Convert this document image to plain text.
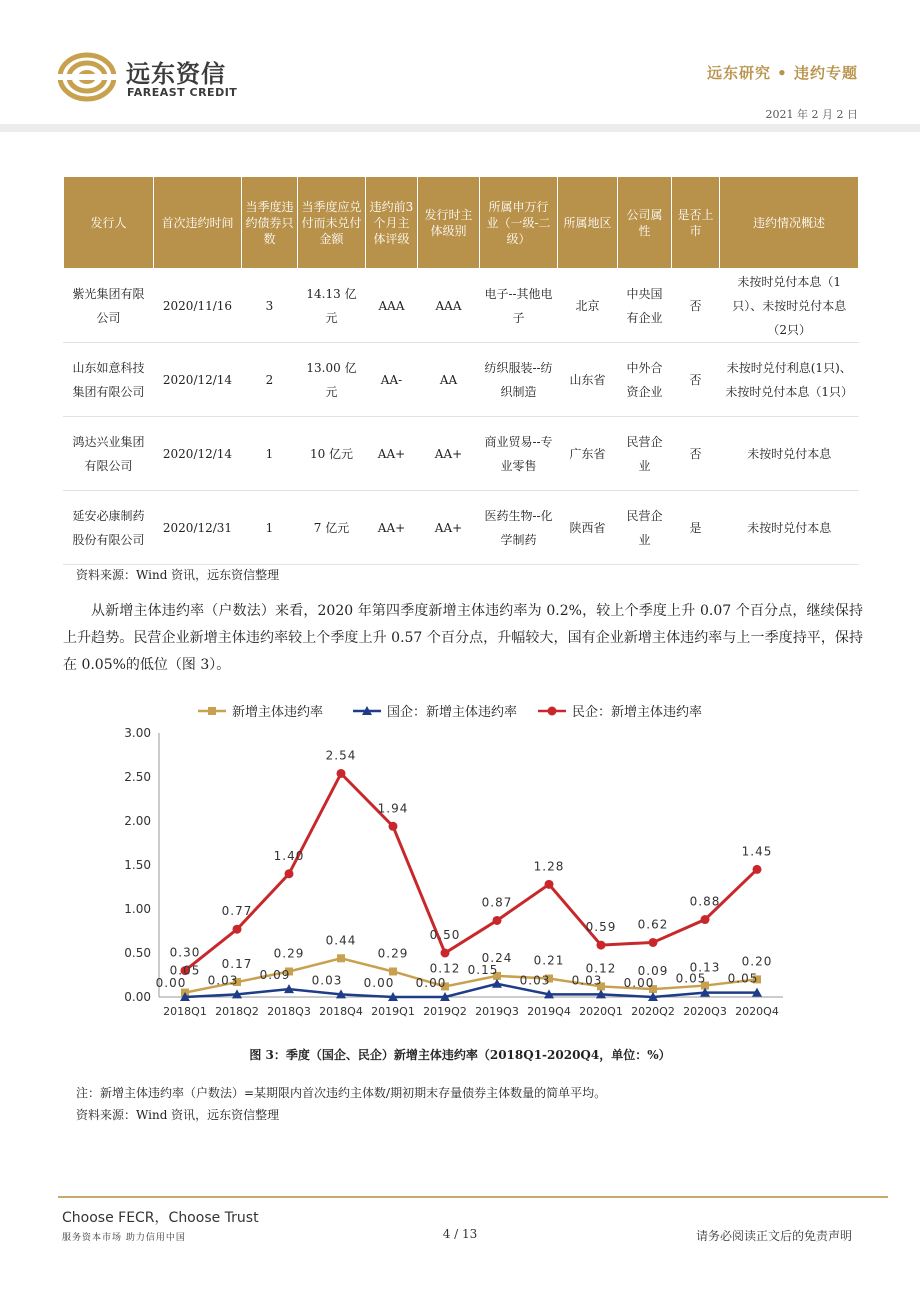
远东资信
FAREAST CREDIT
远东研究 • 违约专题
2021 年 2 月 2 日
发行人	首次违约时间	当季度违约债券只数	当季度应兑付而未兑付金额	违约前3个月主体评级	发行时主体级别	所属申万行业（一级-二级）	所属地区	公司属性	是否上市	违约情况概述
紫光集团有限公司	2020/11/16	3	14.13 亿元	AAA	AAA	电子--其他电子	北京	中央国有企业	否	未按时兑付本息（1只）、未按时兑付本息（2只）
山东如意科技集团有限公司	2020/12/14	2	13.00 亿元	AA-	AA	纺织服装--纺织制造	山东省	中外合资企业	否	未按时兑付利息(1只)、未按时兑付本息（1只）
鸿达兴业集团有限公司	2020/12/14	1	10 亿元	AA+	AA+	商业贸易--专业零售	广东省	民营企业	否	未按时兑付本息
延安必康制药股份有限公司	2020/12/31	1	7 亿元	AA+	AA+	医药生物--化学制药	陕西省	民营企业	是	未按时兑付本息
资料来源：Wind 资讯，远东资信整理
从新增主体违约率（户数法）来看，2020 年第四季度新增主体违约率为 0.2%，较上个季度上升 0.07 个百分点，继续保持上升趋势。民营企业新增主体违约率较上个季度上升 0.57 个百分点，升幅较大，国有企业新增主体违约率与上一季度持平，保持在 0.05%的低位（图 3）。
新增主体违约率	国企：新增主体违约率	民企：新增主体违约率
0.00
0.50
1.00
1.50
2.00
2.50
3.00
2018Q1 2018Q2 2018Q3 2018Q4 2019Q1 2019Q2 2019Q3 2019Q4 2020Q1 2020Q2 2020Q3 2020Q4
0.05 0.17
0.29
0.44
0.29
0.12
0.24 0.21
0.12 0.09 0.13 0.20
0.00 0.03 0.09 0.03 0.00 0.00
0.15
0.03 0.03 0.00 0.05 0.05
0.30
0.77
1.40
2.54
1.94
0.50
0.87
1.28
0.59 0.62
0.88
1.45
图 3：季度（国企、民企）新增主体违约率（2018Q1-2020Q4，单位：%）
注：新增主体违约率（户数法）=某期限内首次违约主体数/期初期末存量债券主体数量的简单平均。
资料来源：Wind 资讯，远东资信整理
Choose FECR，Choose Trust
服务资本市场 助力信用中国	4 / 13	请务必阅读正文后的免责声明
